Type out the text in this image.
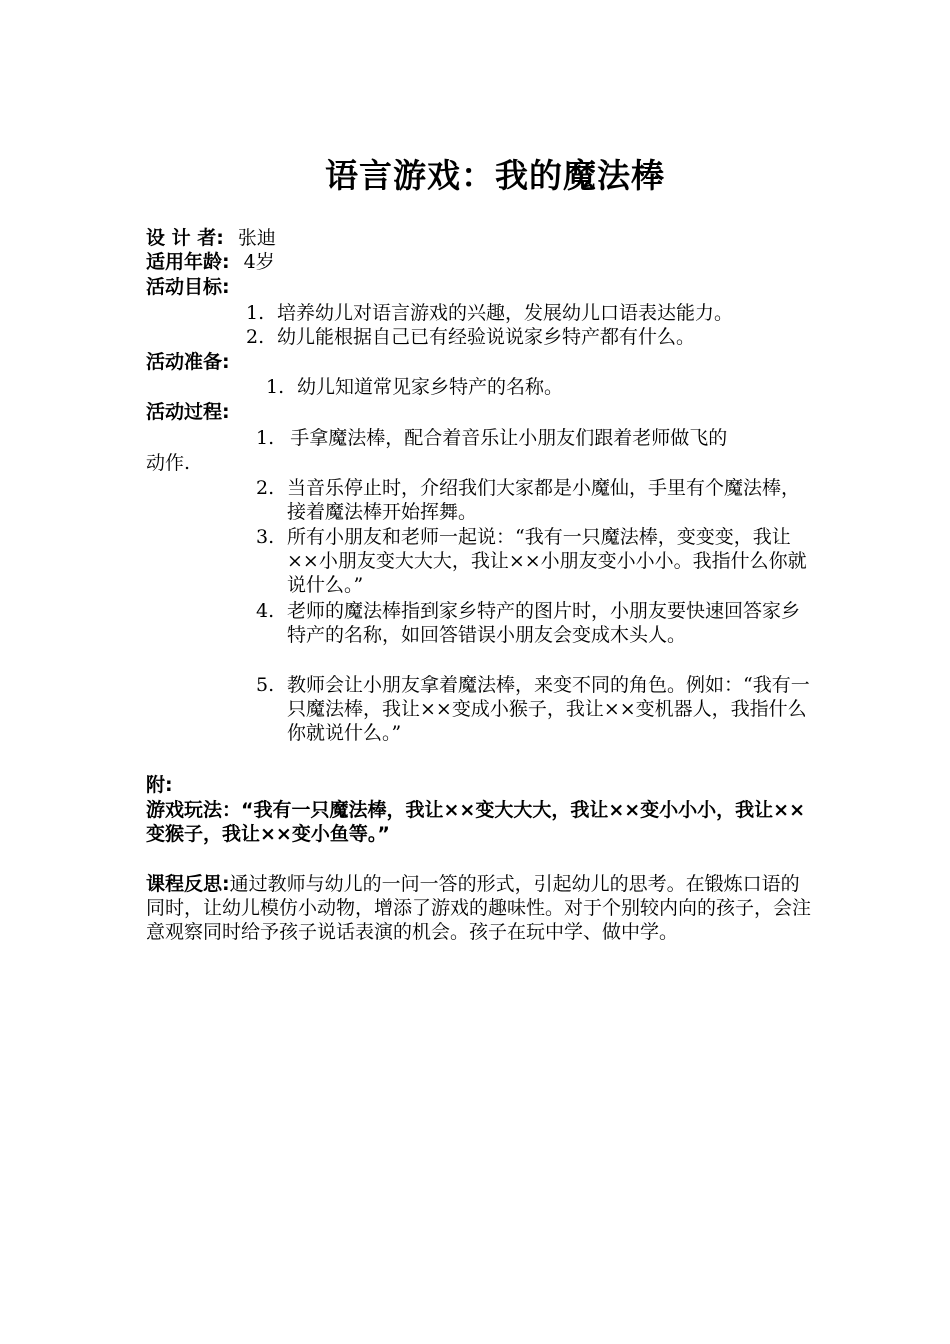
语言游戏：我的魔法棒
设 计 者: 张迪
适用年龄: 4岁
活动目标:
1. 培养幼儿对语言游戏的兴趣，发展幼儿口语表达能力。
2. 幼儿能根据自己已有经验说说家乡特产都有什么。
活动准备:
1. 幼儿知道常见家乡特产的名称。
活动过程:
1. 手拿魔法棒，配合着音乐让小朋友们跟着老师做飞的
动作.
2. 当音乐停止时，介绍我们大家都是小魔仙，手里有个魔法棒，接着魔法棒开始挥舞。
3. 所有小朋友和老师一起说：“我有一只魔法棒，变变变，我让××小朋友变大大大，我让××小朋友变小小小。我指什么你就说什么。”
4. 老师的魔法棒指到家乡特产的图片时，小朋友要快速回答家乡特产的名称，如回答错误小朋友会变成木头人。
5. 教师会让小朋友拿着魔法棒，来变不同的角色。例如：“我有一只魔法棒，我让××变成小猴子，我让××变机器人，我指什么你就说什么。”
附:
游戏玩法：“我有一只魔法棒，我让××变大大大，我让××变小小小，我让××变猴子，我让××变小鱼等。”
课程反思:通过教师与幼儿的一问一答的形式，引起幼儿的思考。在锻炼口语的同时，让幼儿模仿小动物，增添了游戏的趣味性。对于个别较内向的孩子，会注意观察同时给予孩子说话表演的机会。孩子在玩中学、做中学。
